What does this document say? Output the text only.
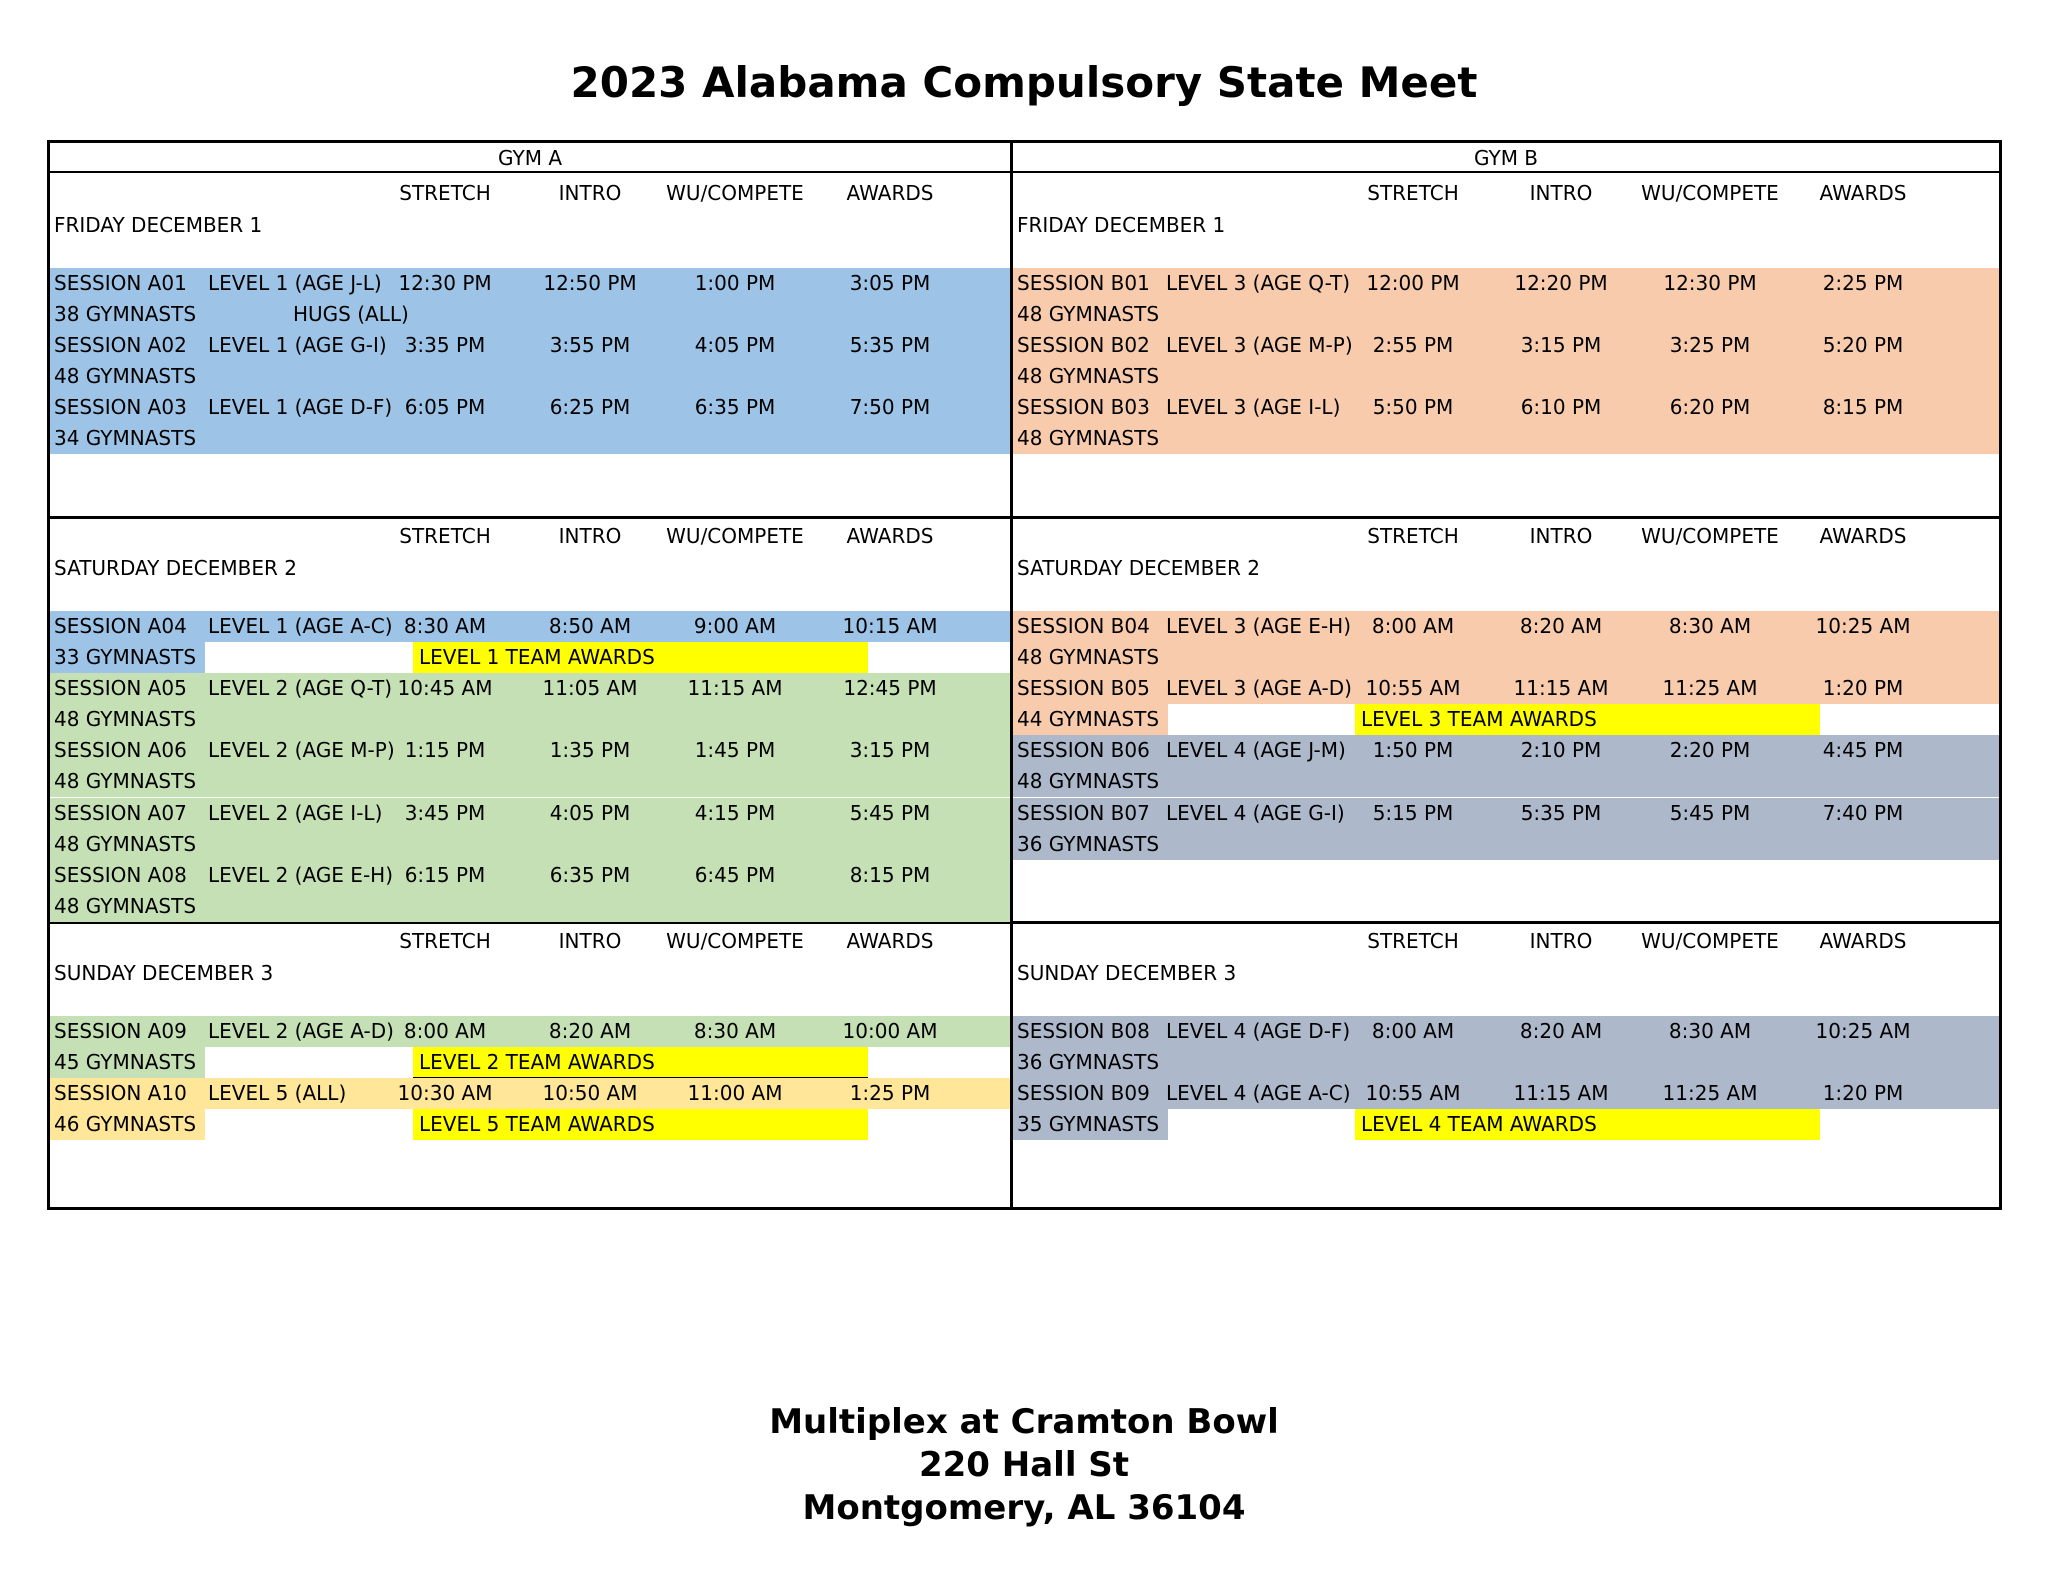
2023 Alabama Compulsory State Meet
GYM A	GYM B
STRETCH	INTRO	WU/COMPETE	AWARDS
FRIDAY DECEMBER 1
SESSION A01 LEVEL 1 (AGE J-L) 12:30 PM	12:50 PM	1:00 PM	3:05 PM
38 GYMNASTS	HUGS (ALL)
SESSION A02 LEVEL 1 (AGE G-I) 3:35 PM	3:55 PM	4:05 PM	5:35 PM
48 GYMNASTS
SESSION A03 LEVEL 1 (AGE D-F) 6:05 PM	6:25 PM	6:35 PM	7:50 PM
34 GYMNASTS
STRETCH	INTRO	WU/COMPETE	AWARDS
SATURDAY DECEMBER 2
SESSION A04 LEVEL 1 (AGE A-C) 8:30 AM	8:50 AM	9:00 AM	10:15 AM
33 GYMNASTS	LEVEL 1 TEAM AWARDS
SESSION A05 LEVEL 2 (AGE Q-T) 10:45 AM	11:05 AM	11:15 AM	12:45 PM
48 GYMNASTS
SESSION A06 LEVEL 2 (AGE M-P) 1:15 PM	1:35 PM	1:45 PM	3:15 PM
48 GYMNASTS
SESSION A07 LEVEL 2 (AGE I-L)	3:45 PM	4:05 PM	4:15 PM	5:45 PM
48 GYMNASTS
SESSION A08 LEVEL 2 (AGE E-H) 6:15 PM	6:35 PM	6:45 PM	8:15 PM
48 GYMNASTS
STRETCH	INTRO	WU/COMPETE	AWARDS
SUNDAY DECEMBER 3
SESSION A09 LEVEL 2 (AGE A-D) 8:00 AM	8:20 AM	8:30 AM	10:00 AM
45 GYMNASTS	LEVEL 2 TEAM AWARDS
SESSION A10 LEVEL 5 (ALL)	10:30 AM	10:50 AM	11:00 AM	1:25 PM
46 GYMNASTS	LEVEL 5 TEAM AWARDS
STRETCH	INTRO	WU/COMPETE	AWARDS
FRIDAY DECEMBER 1
SESSION B01 LEVEL 3 (AGE Q-T) 12:00 PM	12:20 PM	12:30 PM	2:25 PM
48 GYMNASTS
SESSION B02 LEVEL 3 (AGE M-P)	2:55 PM	3:15 PM	3:25 PM	5:20 PM
48 GYMNASTS
SESSION B03 LEVEL 3 (AGE I-L)	5:50 PM	6:10 PM	6:20 PM	8:15 PM
48 GYMNASTS
STRETCH	INTRO	WU/COMPETE	AWARDS
SATURDAY DECEMBER 2
SESSION B04 LEVEL 3 (AGE E-H)	8:00 AM	8:20 AM	8:30 AM	10:25 AM
48 GYMNASTS
SESSION B05 LEVEL 3 (AGE A-D) 10:55 AM	11:15 AM	11:25 AM	1:20 PM
44 GYMNASTS	LEVEL 3 TEAM AWARDS
SESSION B06 LEVEL 4 (AGE J-M)	1:50 PM	2:10 PM	2:20 PM	4:45 PM
48 GYMNASTS
SESSION B07 LEVEL 4 (AGE G-I)	5:15 PM	5:35 PM	5:45 PM	7:40 PM
36 GYMNASTS
STRETCH	INTRO	WU/COMPETE	AWARDS
SUNDAY DECEMBER 3
SESSION B08 LEVEL 4 (AGE D-F)	8:00 AM	8:20 AM	8:30 AM	10:25 AM
36 GYMNASTS
SESSION B09 LEVEL 4 (AGE A-C) 10:55 AM	11:15 AM	11:25 AM	1:20 PM
35 GYMNASTS	LEVEL 4 TEAM AWARDS
Multiplex at Cramton Bowl
220 Hall St
Montgomery, AL 36104
